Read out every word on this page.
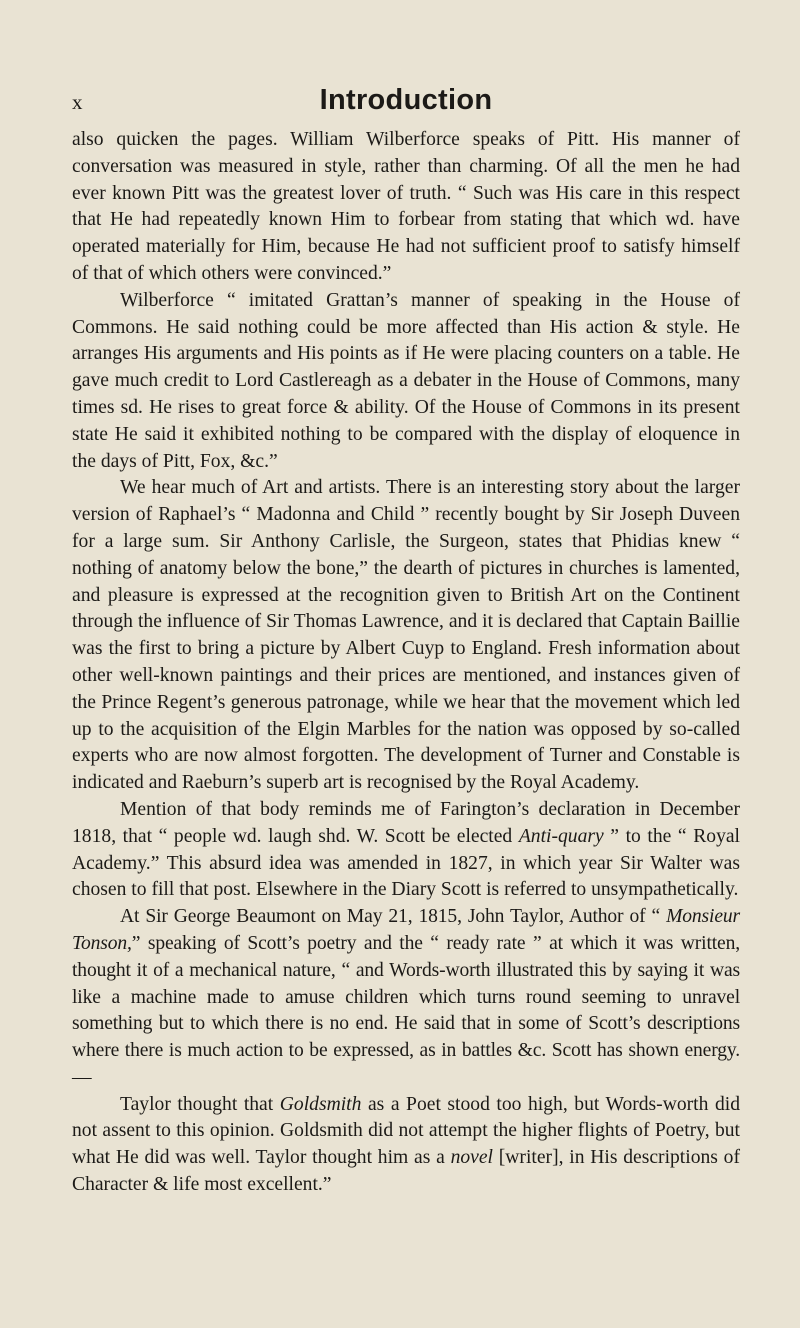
x	Introduction

also quicken the pages. William Wilberforce speaks of Pitt. His manner of conversation was measured in style, rather than charming. Of all the men he had ever known Pitt was the greatest lover of truth. “ Such was His care in this respect that He had repeatedly known Him to forbear from stating that which wd. have operated materially for Him, because He had not sufficient proof to satisfy himself of that of which others were convinced.”

Wilberforce “ imitated Grattan’s manner of speaking in the House of Commons. He said nothing could be more affected than His action & style. He arranges His arguments and His points as if He were placing counters on a table. He gave much credit to Lord Castlereagh as a debater in the House of Commons, many times sd. He rises to great force & ability. Of the House of Commons in its present state He said it exhibited nothing to be compared with the display of eloquence in the days of Pitt, Fox, &c.”

We hear much of Art and artists. There is an interesting story about the larger version of Raphael’s “ Madonna and Child ” recently bought by Sir Joseph Duveen for a large sum. Sir Anthony Carlisle, the Surgeon, states that Phidias knew “ nothing of anatomy below the bone,” the dearth of pictures in churches is lamented, and pleasure is expressed at the recognition given to British Art on the Continent through the influence of Sir Thomas Lawrence, and it is declared that Captain Baillie was the first to bring a picture by Albert Cuyp to England. Fresh information about other well-known paintings and their prices are mentioned, and instances given of the Prince Regent’s generous patronage, while we hear that the movement which led up to the acquisition of the Elgin Marbles for the nation was opposed by so-called experts who are now almost forgotten. The development of Turner and Constable is indicated and Raeburn’s superb art is recognised by the Royal Academy.

Mention of that body reminds me of Farington’s declaration in December 1818, that “ people wd. laugh shd. W. Scott be elected Anti-quary ” to the “ Royal Academy.” This absurd idea was amended in 1827, in which year Sir Walter was chosen to fill that post. Elsewhere in the Diary Scott is referred to unsympathetically.

At Sir George Beaumont on May 21, 1815, John Taylor, Author of “ Monsieur Tonson,” speaking of Scott’s poetry and the “ ready rate ” at which it was written, thought it of a mechanical nature, “ and Words-worth illustrated this by saying it was like a machine made to amuse children which turns round seeming to unravel something but to which there is no end. He said that in some of Scott’s descriptions where there is much action to be expressed, as in battles &c. Scott has shown energy.—

Taylor thought that Goldsmith as a Poet stood too high, but Words-worth did not assent to this opinion. Goldsmith did not attempt the higher flights of Poetry, but what He did was well. Taylor thought him as a novel [writer], in His descriptions of Character & life most excellent.”
